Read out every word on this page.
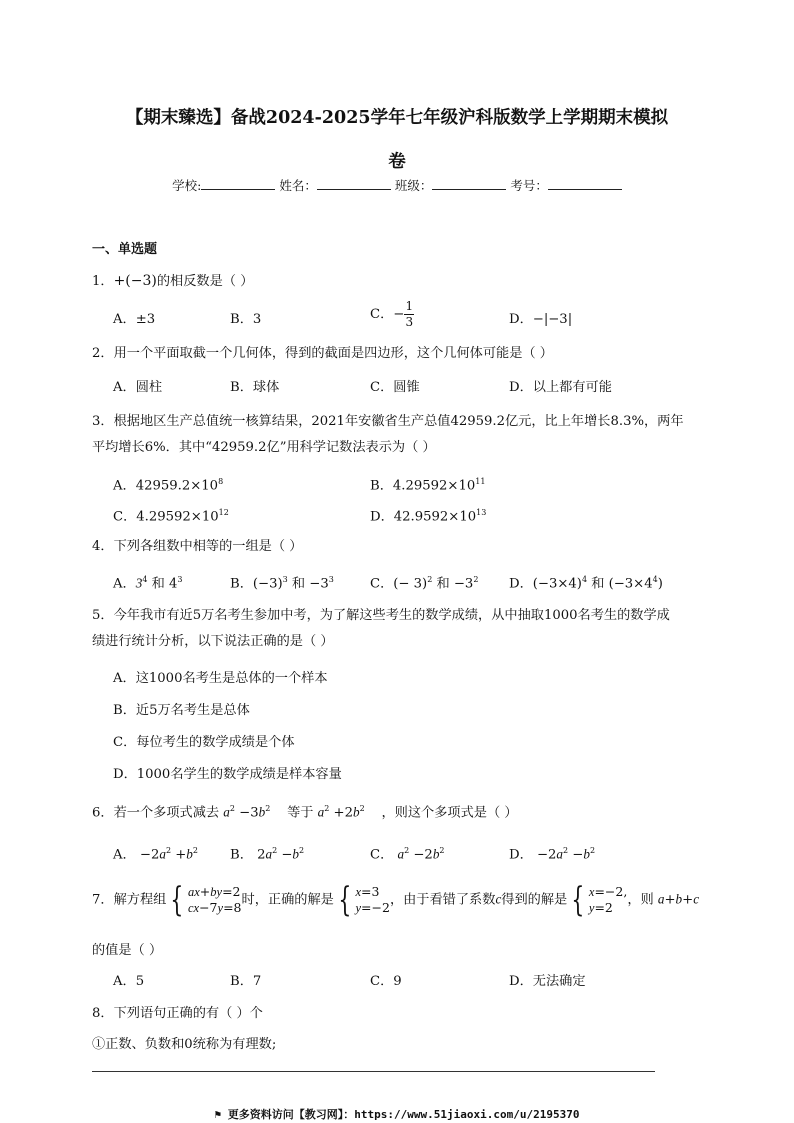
【期末臻选】备战2024-2025学年七年级沪科版数学上学期期末模拟
卷
学校:	姓名：	班级：	考号：
一、单选题
1．+(−3)的相反数是（ ）
A．±3	B．3	C．− $\frac{1}{3}$	D．−|−3|
2．用一个平面取截一个几何体，得到的截面是四边形，这个几何体可能是（ ）
A．圆柱	B．球体	C．圆锥	D．以上都有可能
3．根据地区生产总值统一核算结果，2021年安徽省生产总值42959.2亿元，比上年增长8.3%，两年
平均增长6%．其中“42959.2亿”用科学记数法表示为（ ）
A．$42959.2\times 10^8$	B．$4.29592\times 10^{11}$
C．$4.29592\times 10^{12}$	D．$42.9592\times 10^{13}$
4．下列各组数中相等的一组是（ ）
A．$3^4$ 和 $4^3$	B．$(-3)^3$ 和 $-3^3$	C．(− 3)$^2$ 和 $-3^2$ D．$(-3\times 4)^4$ 和 $(-3\times 4^4)$
5．今年我市有近5万名考生参加中考，为了解这些考生的数学成绩，从中抽取1000名考生的数学成
绩进行统计分析，以下说法正确的是（ ）
A．这1000名考生是总体的一个样本
B．近5万名考生是总体
C．每位考生的数学成绩是个体
D．1000名学生的数学成绩是样本容量
6．若一个多项式减去 $a^2 -3b^2$ 等于 $a^2 +2b^2$ ，则这个多项式是（ ）
A． $-2a^2 +b^2$ B． $2a^2 -b^2$	C． $a^2 -2b^2$	D． $-2a^2 -b^2$
7．解方程组 { ax+by=2
cx−7y=8 时，正确的解是 { x=3
y=−2 ，由于看错了系数c得到的解是 { x=−2,
y=2	，则 a+b+c
的值是（ ）
A．5	B．7	C．9	D．无法确定
8．下列语句正确的有（ ）个
①正数、负数和0统称为有理数;
⚑ 更多资料访问【教习网】：https://www.51jiaoxi.com/u/2195370
